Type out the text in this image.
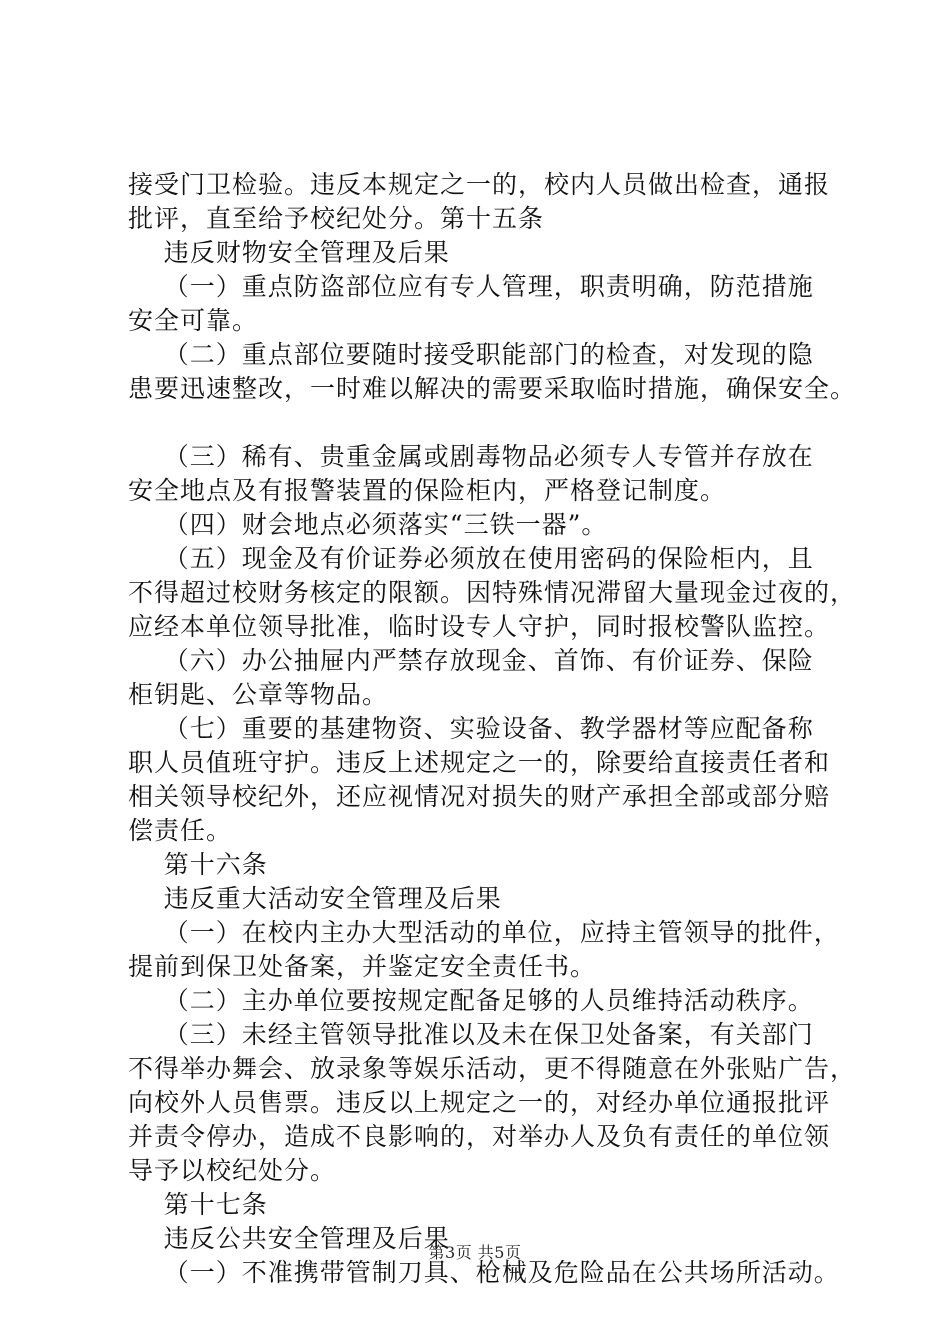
接受门卫检验。违反本规定之一的，校内人员做出检查，通报
批评，直至给予校纪处分。第十五条
违反财物安全管理及后果
（一）重点防盗部位应有专人管理，职责明确，防范措施
安全可靠。
（二）重点部位要随时接受职能部门的检查，对发现的隐
患要迅速整改，一时难以解决的需要采取临时措施，确保安全。
（三）稀有、贵重金属或剧毒物品必须专人专管并存放在
安全地点及有报警装置的保险柜内，严格登记制度。
（四）财会地点必须落实“三铁一器”。
（五）现金及有价证券必须放在使用密码的保险柜内，且
不得超过校财务核定的限额。因特殊情况滞留大量现金过夜的，
应经本单位领导批准，临时设专人守护，同时报校警队监控。
（六）办公抽屉内严禁存放现金、首饰、有价证券、保险
柜钥匙、公章等物品。
（七）重要的基建物资、实验设备、教学器材等应配备称
职人员值班守护。违反上述规定之一的，除要给直接责任者和
相关领导校纪外，还应视情况对损失的财产承担全部或部分赔
偿责任。
第十六条
违反重大活动安全管理及后果
（一）在校内主办大型活动的单位，应持主管领导的批件，
提前到保卫处备案，并鉴定安全责任书。
（二）主办单位要按规定配备足够的人员维持活动秩序。
（三）未经主管领导批准以及未在保卫处备案，有关部门
不得举办舞会、放录象等娱乐活动，更不得随意在外张贴广告，
向校外人员售票。违反以上规定之一的，对经办单位通报批评
并责令停办，造成不良影响的，对举办人及负有责任的单位领
导予以校纪处分。
第十七条
违反公共安全管理及后果
（一）不准携带管制刀具、枪械及危险品在公共场所活动。
第3页 共5页
